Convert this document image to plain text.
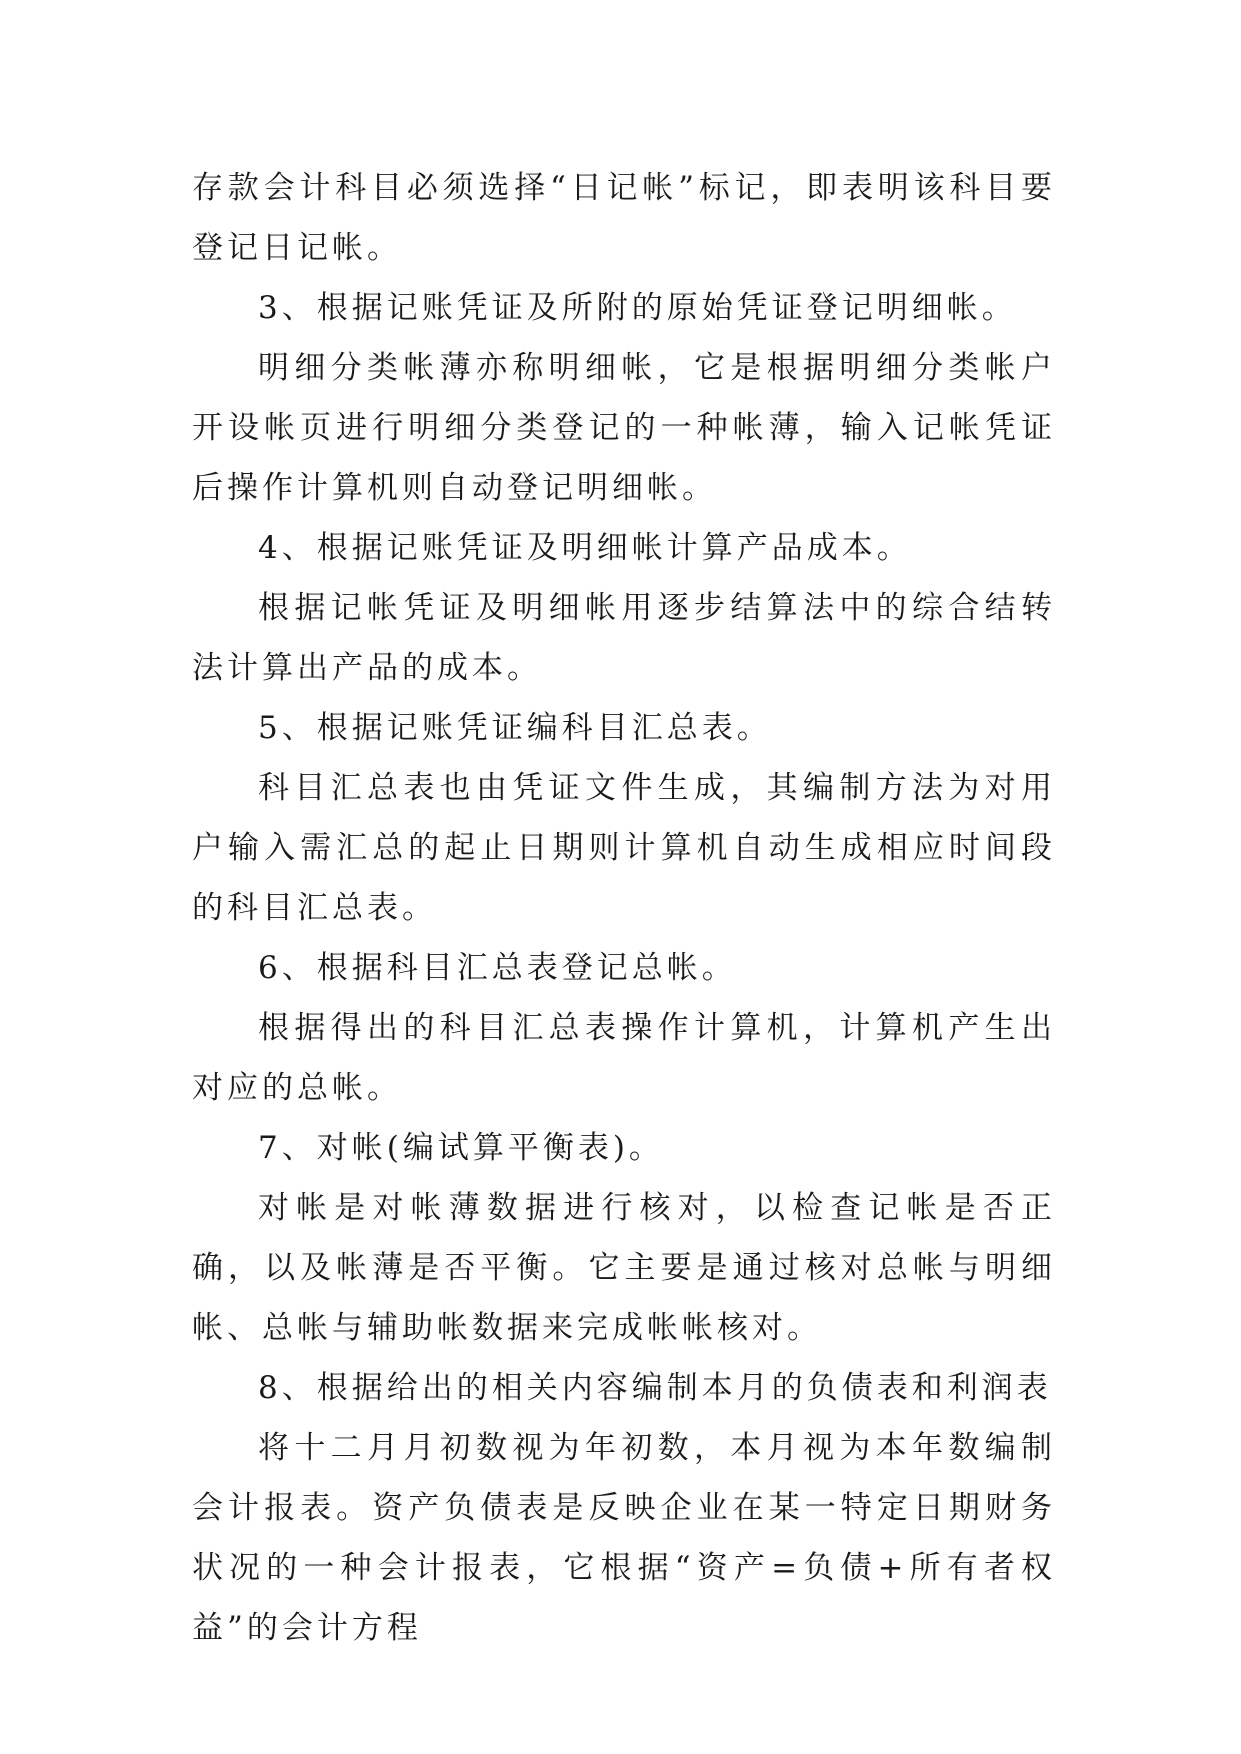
存款会计科目必须选择“日记帐”标记，即表明该科目要登记日记帐。

3、根据记账凭证及所附的原始凭证登记明细帐。

明细分类帐薄亦称明细帐，它是根据明细分类帐户开设帐页进行明细分类登记的一种帐薄，输入记帐凭证后操作计算机则自动登记明细帐。

4、根据记账凭证及明细帐计算产品成本。

根据记帐凭证及明细帐用逐步结算法中的综合结转法计算出产品的成本。

5、根据记账凭证编科目汇总表。

科目汇总表也由凭证文件生成，其编制方法为对用户输入需汇总的起止日期则计算机自动生成相应时间段的科目汇总表。

6、根据科目汇总表登记总帐。

根据得出的科目汇总表操作计算机，计算机产生出对应的总帐。

7、对帐(编试算平衡表)。

对帐是对帐薄数据进行核对，以检查记帐是否正确，以及帐薄是否平衡。它主要是通过核对总帐与明细帐、总帐与辅助帐数据来完成帐帐核对。

8、根据给出的相关内容编制本月的负债表和利润表

将十二月月初数视为年初数，本月视为本年数编制会计报表。资产负债表是反映企业在某一特定日期财务状况的一种会计报表，它根据“资产=负债+所有者权益”的会计方程
